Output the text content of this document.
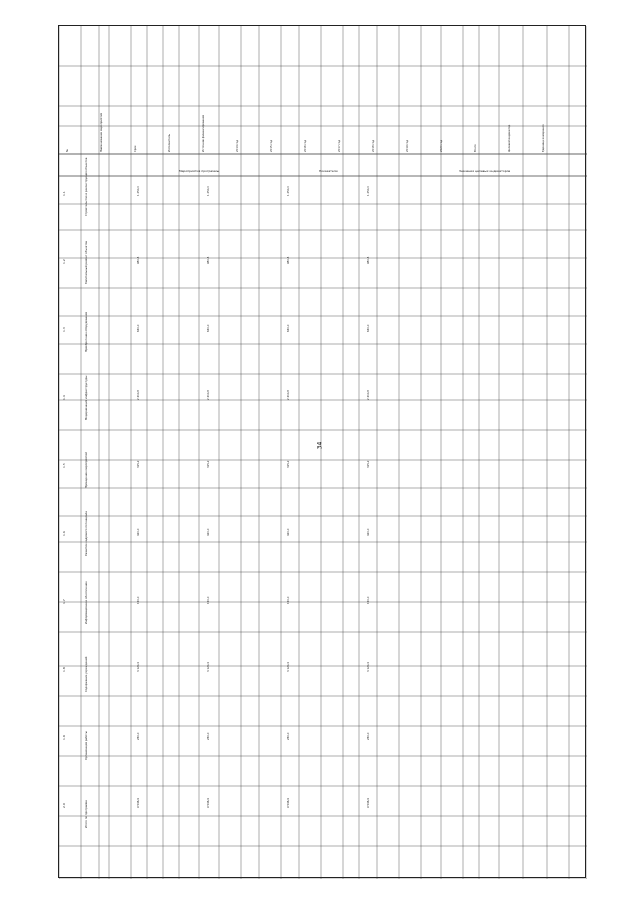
34
№	Наименование мероприятия	Срок	Исполнитель	Источник финансирования	2014 год	2015 год	2016 год	2017 год	2018 год	2019 год	2020 год	Всего	Целевой индикатор	Единица измерения
Мероприятия программы	Показатели	Значения целевых индикаторов
1.1	Строительство и реконструкция объектов	1 250,0	1 250,0	1 250,0	1 250,0
1.2	Капитальный ремонт объектов	980,5	980,5	980,5	980,5
1.3	Приобретение оборудования	640,0	640,0	640,0	640,0
1.4	Модернизация инфраструктуры	2 410,8	2 410,8	2 410,8	2 410,8
1.5	Проведение мероприятий	315,2	315,2	315,2	315,2
1.6	Развитие кадрового потенциала	420,0	420,0	420,0	420,0
1.7	Информационное обеспечение	150,0	150,0	150,0	150,0
1.8	Содержание учреждений	3 120,4	3 120,4	3 120,4	3 120,4
1.9	Организация работы	260,0	260,0	260,0	260,0
2.0	Итого по программе	9 546,9	9 546,9	9 546,9	9 546,9
